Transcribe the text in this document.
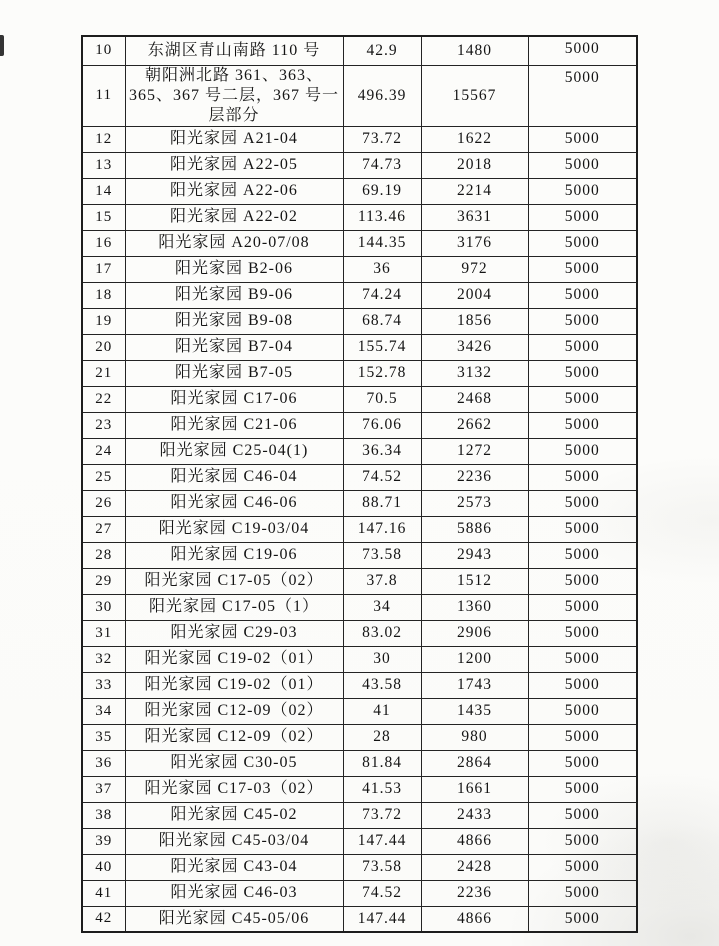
10	东湖区青山南路 110 号	42.9	1480	5000
11	朝阳洲北路 361、363、365、367 号二层，367 号一层部分	496.39	15567	5000
12	阳光家园 A21-04	73.72	1622	5000
13	阳光家园 A22-05	74.73	2018	5000
14	阳光家园 A22-06	69.19	2214	5000
15	阳光家园 A22-02	113.46	3631	5000
16	阳光家园 A20-07/08	144.35	3176	5000
17	阳光家园 B2-06	36	972	5000
18	阳光家园 B9-06	74.24	2004	5000
19	阳光家园 B9-08	68.74	1856	5000
20	阳光家园 B7-04	155.74	3426	5000
21	阳光家园 B7-05	152.78	3132	5000
22	阳光家园 C17-06	70.5	2468	5000
23	阳光家园 C21-06	76.06	2662	5000
24	阳光家园 C25-04(1)	36.34	1272	5000
25	阳光家园 C46-04	74.52	2236	5000
26	阳光家园 C46-06	88.71	2573	5000
27	阳光家园 C19-03/04	147.16	5886	5000
28	阳光家园 C19-06	73.58	2943	5000
29	阳光家园 C17-05（02）	37.8	1512	5000
30	阳光家园 C17-05（1）	34	1360	5000
31	阳光家园 C29-03	83.02	2906	5000
32	阳光家园 C19-02（01）	30	1200	5000
33	阳光家园 C19-02（01）	43.58	1743	5000
34	阳光家园 C12-09（02）	41	1435	5000
35	阳光家园 C12-09（02）	28	980	5000
36	阳光家园 C30-05	81.84	2864	5000
37	阳光家园 C17-03（02）	41.53	1661	5000
38	阳光家园 C45-02	73.72	2433	5000
39	阳光家园 C45-03/04	147.44	4866	5000
40	阳光家园 C43-04	73.58	2428	5000
41	阳光家园 C46-03	74.52	2236	5000
42	阳光家园 C45-05/06	147.44	4866	5000
